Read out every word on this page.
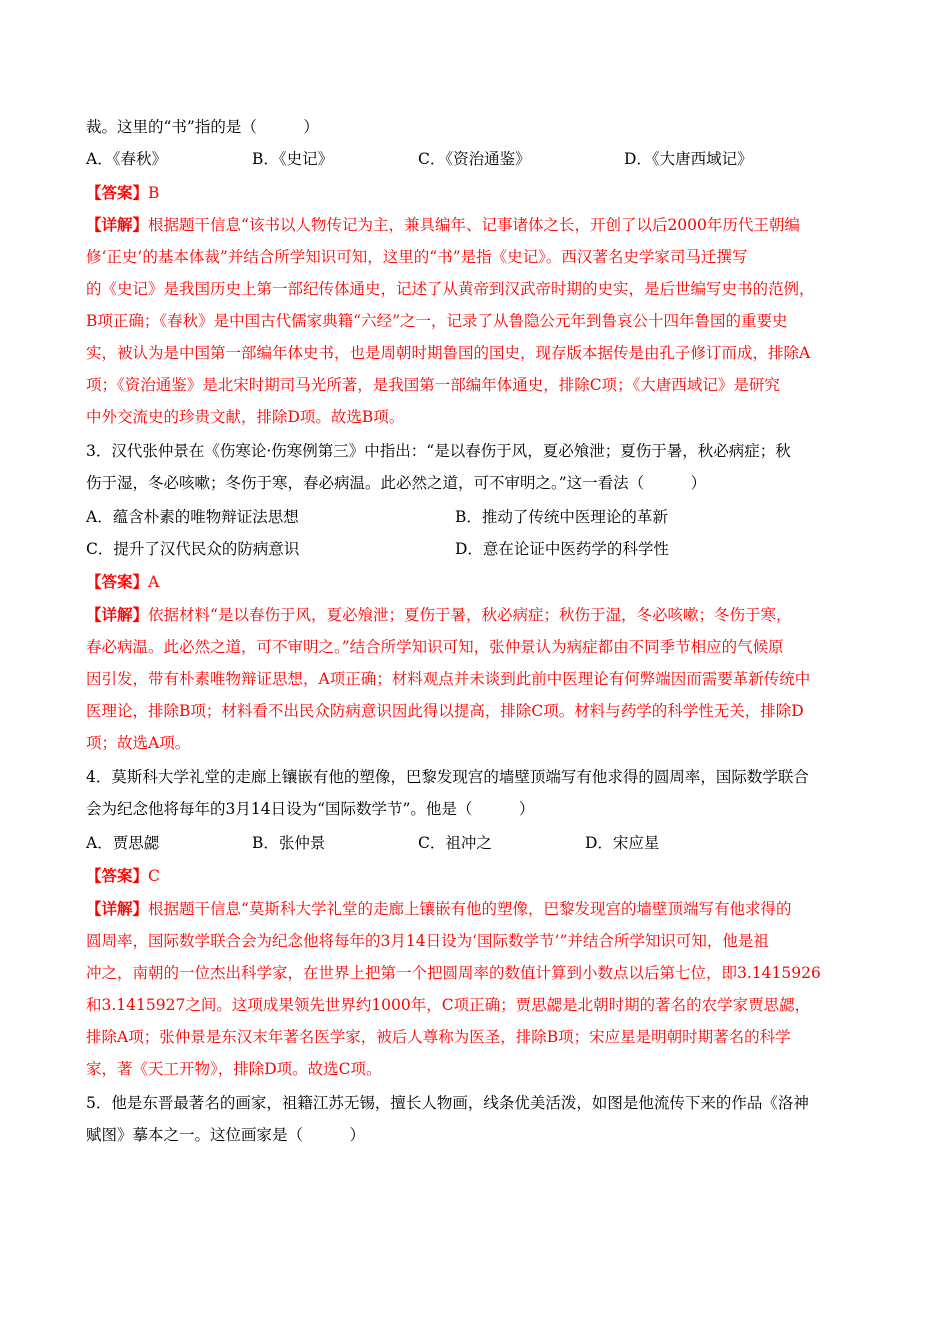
裁。这里的“书”指的是（　　　）
A．《春秋》	B．《史记》	C．《资治通鉴》	D．《大唐西域记》
【答案】B
【详解】根据题干信息“该书以人物传记为主，兼具编年、记事诸体之长，开创了以后2000年历代王朝编
修‘正史’的基本体裁”并结合所学知识可知，这里的“书”是指《史记》。西汉著名史学家司马迁撰写
的《史记》是我国历史上第一部纪传体通史，记述了从黄帝到汉武帝时期的史实，是后世编写史书的范例，
B项正确；《春秋》是中国古代儒家典籍“六经”之一，记录了从鲁隐公元年到鲁哀公十四年鲁国的重要史
实，被认为是中国第一部编年体史书，也是周朝时期鲁国的国史，现存版本据传是由孔子修订而成，排除A
项；《资治通鉴》是北宋时期司马光所著，是我国第一部编年体通史，排除C项；《大唐西域记》是研究
中外交流史的珍贵文献，排除D项。故选B项。
3．汉代张仲景在《伤寒论·伤寒例第三》中指出：“是以春伤于风，夏必飧泄；夏伤于暑，秋必病症；秋
伤于湿，冬必咳嗽；冬伤于寒，春必病温。此必然之道，可不审明之。”这一看法（　　　）
A．蕴含朴素的唯物辩证法思想	B．推动了传统中医理论的革新
C．提升了汉代民众的防病意识	D．意在论证中医药学的科学性
【答案】A
【详解】依据材料“是以春伤于风，夏必飧泄；夏伤于暑，秋必病症；秋伤于湿，冬必咳嗽；冬伤于寒，
春必病温。此必然之道，可不审明之。”结合所学知识可知，张仲景认为病症都由不同季节相应的气候原
因引发，带有朴素唯物辩证思想，A项正确；材料观点并未谈到此前中医理论有何弊端因而需要革新传统中
医理论，排除B项；材料看不出民众防病意识因此得以提高，排除C项。材料与药学的科学性无关，排除D
项；故选A项。
4．莫斯科大学礼堂的走廊上镶嵌有他的塑像，巴黎发现宫的墙壁顶端写有他求得的圆周率，国际数学联合
会为纪念他将每年的3月14日设为“国际数学节”。他是（　　　）
A．贾思勰	B．张仲景	C．祖冲之	D．宋应星
【答案】C
【详解】根据题干信息“莫斯科大学礼堂的走廊上镶嵌有他的塑像，巴黎发现宫的墙壁顶端写有他求得的
圆周率，国际数学联合会为纪念他将每年的3月14日设为‘国际数学节’”并结合所学知识可知，他是祖
冲之，南朝的一位杰出科学家，在世界上把第一个把圆周率的数值计算到小数点以后第七位，即3.1415926
和3.1415927之间。这项成果领先世界约1000年，C项正确；贾思勰是北朝时期的著名的农学家贾思勰，
排除A项；张仲景是东汉末年著名医学家，被后人尊称为医圣，排除B项；宋应星是明朝时期著名的科学
家，著《天工开物》，排除D项。故选C项。
5．他是东晋最著名的画家，祖籍江苏无锡，擅长人物画，线条优美活泼，如图是他流传下来的作品《洛神
赋图》摹本之一。这位画家是（　　　）
